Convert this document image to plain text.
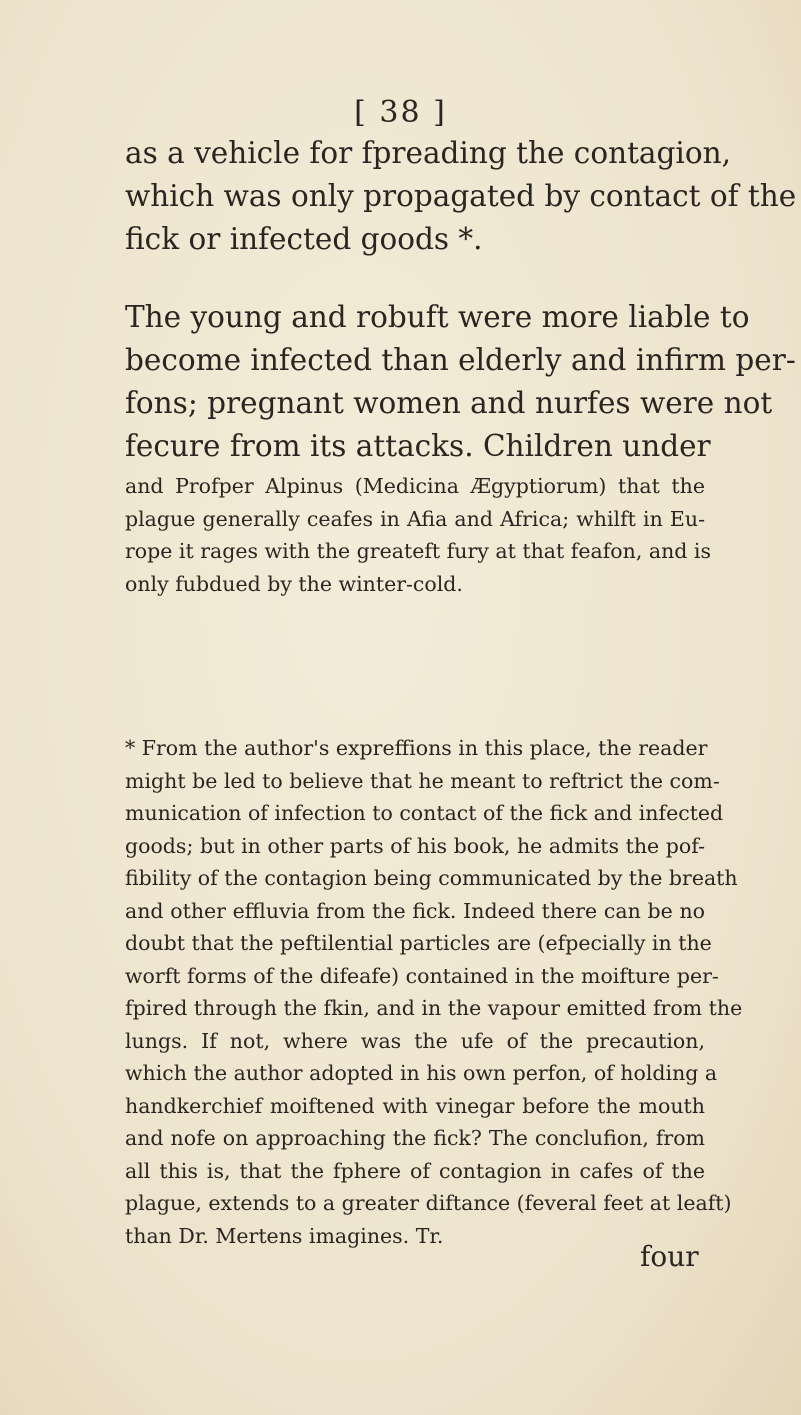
[ 38 ]
as a vehicle for fpreading the contagion,
which was only propagated by contact of the
fick or infected goods *.
The young and robuft were more liable to
become infected than elderly and infirm per-
fons; pregnant women and nurfes were not
fecure from its attacks. Children under
and Profper Alpinus (Medicina Ægyptiorum) that the
plague generally ceafes in Afia and Africa; whilft in Eu-
rope it rages with the greateft fury at that feafon, and is
only fubdued by the winter-cold.
* From the author's expreffions in this place, the reader
might be led to believe that he meant to reftrict the com-
munication of infection to contact of the fick and infected
goods; but in other parts of his book, he admits the pof-
fibility of the contagion being communicated by the breath
and other effluvia from the fick. Indeed there can be no
doubt that the peftilential particles are (efpecially in the
worft forms of the difeafe) contained in the moifture per-
fpired through the fkin, and in the vapour emitted from the
lungs. If not, where was the ufe of the precaution,
which the author adopted in his own perfon, of holding a
handkerchief moiftened with vinegar before the mouth
and nofe on approaching the fick? The conclufion, from
all this is, that the fphere of contagion in cafes of the
plague, extends to a greater diftance (feveral feet at leaft)
than Dr. Mertens imagines. Tr.
four
